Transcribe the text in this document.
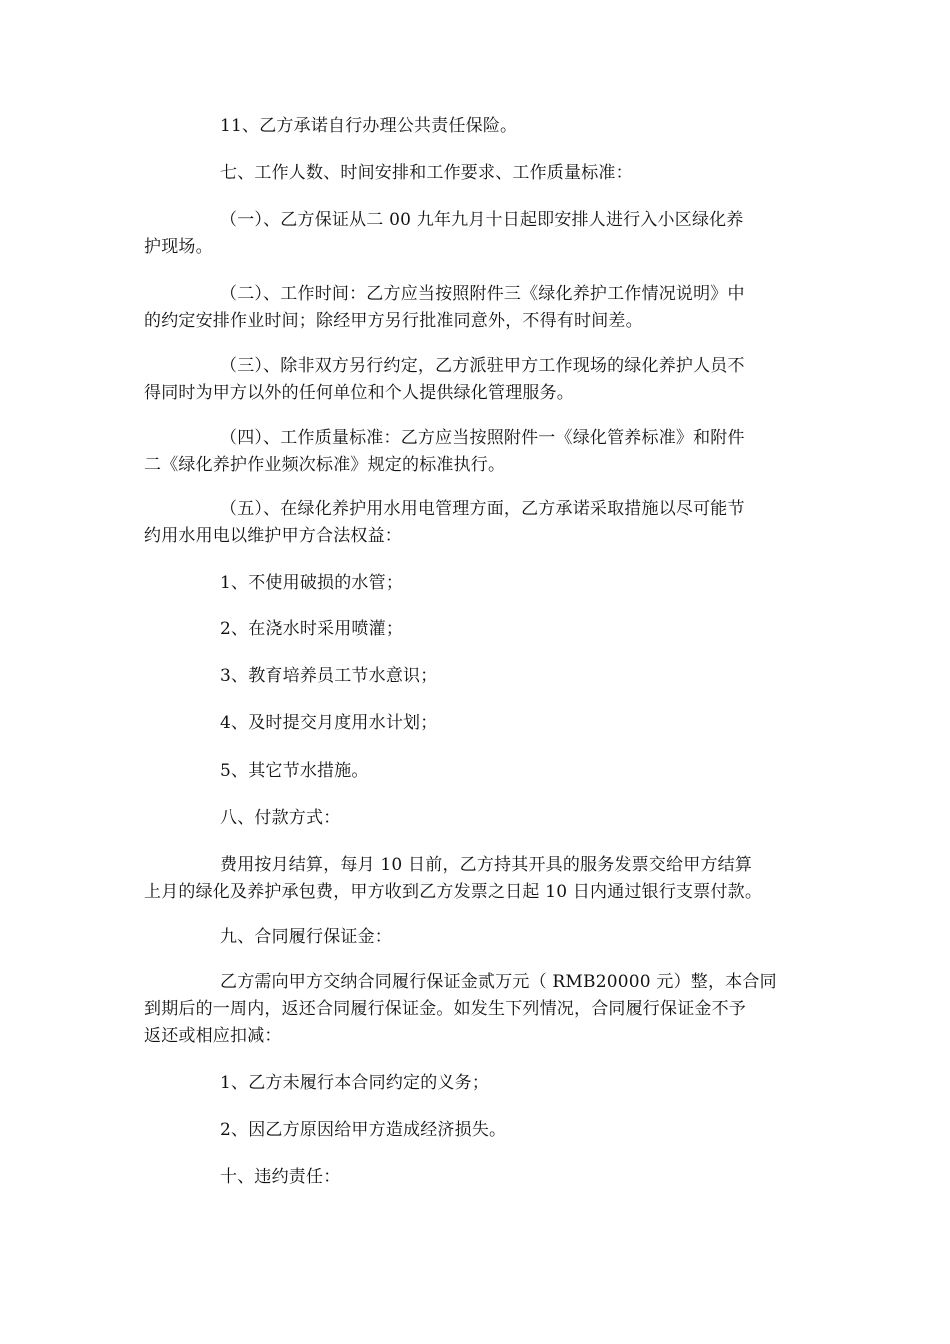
11、乙方承诺自行办理公共责任保险。

七、工作人数、时间安排和工作要求、工作质量标准：

（一）、乙方保证从二 00 九年九月十日起即安排人进行入小区绿化养
护现场。

（二）、工作时间：乙方应当按照附件三《绿化养护工作情况说明》中
的约定安排作业时间；除经甲方另行批准同意外，不得有时间差。

（三）、除非双方另行约定，乙方派驻甲方工作现场的绿化养护人员不
得同时为甲方以外的任何单位和个人提供绿化管理服务。

（四）、工作质量标准：乙方应当按照附件一《绿化管养标准》和附件
二《绿化养护作业频次标准》规定的标准执行。

（五）、在绿化养护用水用电管理方面，乙方承诺采取措施以尽可能节
约用水用电以维护甲方合法权益：

1、不使用破损的水管；

2、在浇水时采用喷灌；

3、教育培养员工节水意识；

4、及时提交月度用水计划；

5、其它节水措施。

八、付款方式：

费用按月结算，每月 10 日前，乙方持其开具的服务发票交给甲方结算
上月的绿化及养护承包费，甲方收到乙方发票之日起 10 日内通过银行支票付款。

九、合同履行保证金：

乙方需向甲方交纳合同履行保证金贰万元（ RMB20000 元）整，本合同
到期后的一周内，返还合同履行保证金。如发生下列情况，合同履行保证金不予
返还或相应扣减：

1、乙方未履行本合同约定的义务；

2、因乙方原因给甲方造成经济损失。

十、违约责任：
